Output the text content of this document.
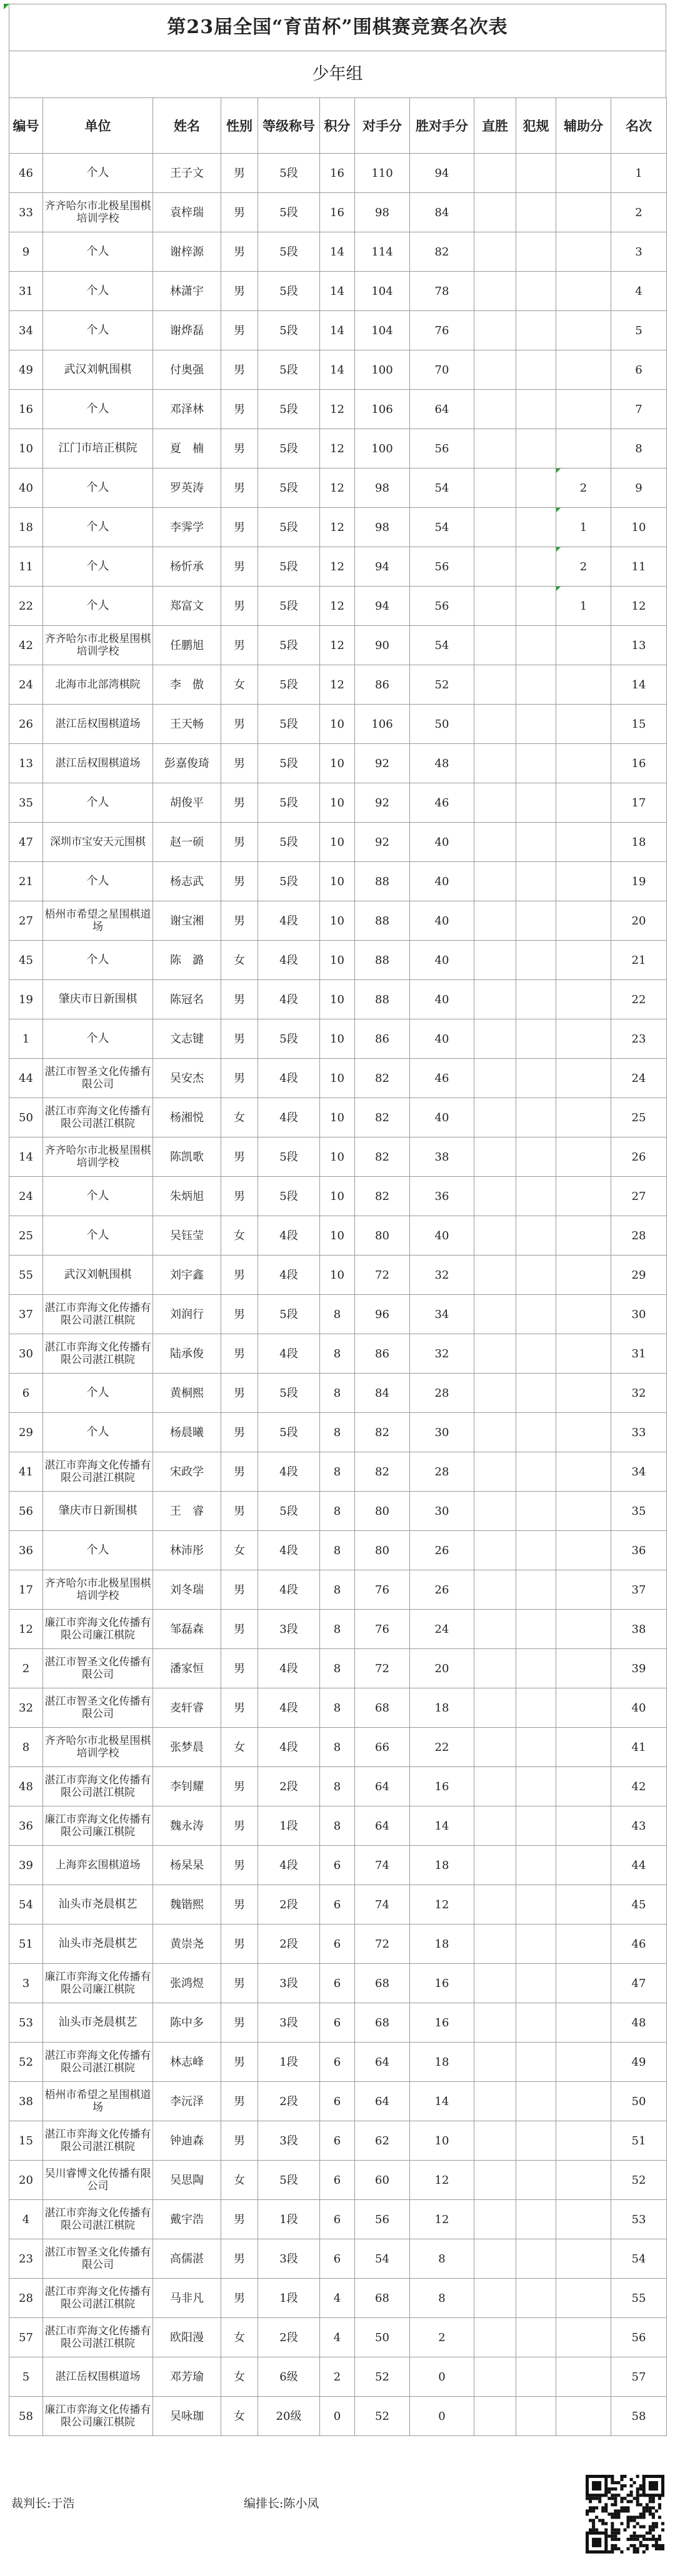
第23届全国“育苗杯”围棋赛竞赛名次表
少年组
编号	单位	姓名	性别	等级称号	积分	对手分	胜对手分	直胜	犯规	辅助分	名次
46	个人	王子文	男	5段	16	110	94				1
33	齐齐哈尔市北极星围棋培训学校	袁梓瑞	男	5段	16	98	84				2
9	个人	谢梓源	男	5段	14	114	82				3
31	个人	林潇宇	男	5段	14	104	78				4
34	个人	谢烨磊	男	5段	14	104	76				5
49	武汉刘帆围棋	付奥强	男	5段	14	100	70				6
16	个人	邓泽林	男	5段	12	106	64				7
10	江门市培正棋院	夏　楠	男	5段	12	100	56				8
40	个人	罗英涛	男	5段	12	98	54			2	9
18	个人	李霁学	男	5段	12	98	54			1	10
11	个人	杨忻承	男	5段	12	94	56			2	11
22	个人	郑富文	男	5段	12	94	56			1	12
42	齐齐哈尔市北极星围棋培训学校	任鹏旭	男	5段	12	90	54				13
24	北海市北部湾棋院	李　傲	女	5段	12	86	52				14
26	湛江岳权围棋道场	王天畅	男	5段	10	106	50				15
13	湛江岳权围棋道场	彭嘉俊琦	男	5段	10	92	48				16
35	个人	胡俊平	男	5段	10	92	46				17
47	深圳市宝安天元围棋	赵一硕	男	5段	10	92	40				18
21	个人	杨志武	男	5段	10	88	40				19
27	梧州市希望之星围棋道场	谢宝湘	男	4段	10	88	40				20
45	个人	陈　潞	女	4段	10	88	40				21
19	肇庆市日新围棋	陈冠名	男	4段	10	88	40				22
1	个人	文志键	男	5段	10	86	40				23
44	湛江市智圣文化传播有限公司	吴安杰	男	4段	10	82	46				24
50	湛江市弈海文化传播有限公司湛江棋院	杨湘悦	女	4段	10	82	40				25
14	齐齐哈尔市北极星围棋培训学校	陈凯歌	男	5段	10	82	38				26
24	个人	朱炳旭	男	5段	10	82	36				27
25	个人	吴钰莹	女	4段	10	80	40				28
55	武汉刘帆围棋	刘宇鑫	男	4段	10	72	32				29
37	湛江市弈海文化传播有限公司湛江棋院	刘润行	男	5段	8	96	34				30
30	湛江市弈海文化传播有限公司湛江棋院	陆承俊	男	4段	8	86	32				31
6	个人	黄桐熙	男	5段	8	84	28				32
29	个人	杨晨曦	男	5段	8	82	30				33
41	湛江市弈海文化传播有限公司湛江棋院	宋政学	男	4段	8	82	28				34
56	肇庆市日新围棋	王　睿	男	5段	8	80	30				35
36	个人	林沛彤	女	4段	8	80	26				36
17	齐齐哈尔市北极星围棋培训学校	刘冬瑞	男	4段	8	76	26				37
12	廉江市弈海文化传播有限公司廉江棋院	邹磊森	男	3段	8	76	24				38
2	湛江市智圣文化传播有限公司	潘家恒	男	4段	8	72	20				39
32	湛江市智圣文化传播有限公司	麦轩睿	男	4段	8	68	18				40
8	齐齐哈尔市北极星围棋培训学校	张梦晨	女	4段	8	66	22				41
48	湛江市弈海文化传播有限公司湛江棋院	李钊耀	男	2段	8	64	16				42
36	廉江市弈海文化传播有限公司廉江棋院	魏永涛	男	1段	8	64	14				43
39	上海弈玄围棋道场	杨杲杲	男	4段	6	74	18				44
54	汕头市尧晨棋艺	魏锴熙	男	2段	6	74	12				45
51	汕头市尧晨棋艺	黄崇尧	男	2段	6	72	18				46
3	廉江市弈海文化传播有限公司廉江棋院	张鸿煜	男	3段	6	68	16				47
53	汕头市尧晨棋艺	陈中多	男	3段	6	68	16				48
52	湛江市弈海文化传播有限公司湛江棋院	林志峰	男	1段	6	64	18				49
38	梧州市希望之星围棋道场	李沅泽	男	2段	6	64	14				50
15	湛江市弈海文化传播有限公司湛江棋院	钟迪森	男	3段	6	62	10				51
20	吴川睿博文化传播有限公司	吴思陶	女	5段	6	60	12				52
4	湛江市弈海文化传播有限公司湛江棋院	戴宇浩	男	1段	6	56	12				53
23	湛江市智圣文化传播有限公司	高儒湛	男	3段	6	54	8				54
28	湛江市弈海文化传播有限公司湛江棋院	马非凡	男	1段	4	68	8				55
57	湛江市弈海文化传播有限公司湛江棋院	欧阳漫	女	2段	4	50	2				56
5	湛江岳权围棋道场	邓芳瑜	女	6级	2	52	0				57
58	廉江市弈海文化传播有限公司廉江棋院	吴咏珈	女	20级	0	52	0				58
裁判长:于浩	编排长:陈小凤
